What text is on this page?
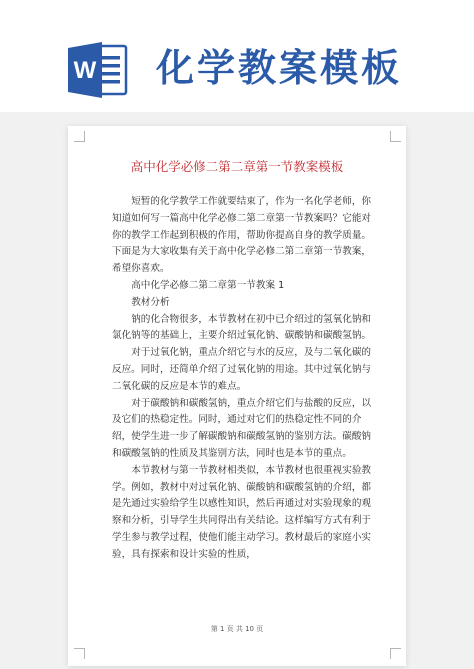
W 化学教案模板
高中化学必修二第二章第一节教案模板

短暂的化学教学工作就要结束了，作为一名化学老师，你知道如何写一篇高中化学必修二第二章第一节教案吗？它能对你的教学工作起到积极的作用，帮助你提高自身的教学质量。下面是为大家收集有关于高中化学必修二第二章第一节教案，希望你喜欢。

高中化学必修二第二章第一节教案 1

教材分析

钠的化合物很多，本节教材在初中已介绍过的氢氧化钠和氯化钠等的基础上，主要介绍过氧化钠、碳酸钠和碳酸氢钠。

对于过氧化钠，重点介绍它与水的反应，及与二氧化碳的反应。同时，还简单介绍了过氧化钠的用途。其中过氧化钠与二氧化碳的反应是本节的难点。

对于碳酸钠和碳酸氢钠，重点介绍它们与盐酸的反应，以及它们的热稳定性。同时，通过对它们的热稳定性不同的介绍，使学生进一步了解碳酸钠和碳酸氢钠的鉴别方法。碳酸钠和碳酸氢钠的性质及其鉴别方法，同时也是本节的重点。

本节教材与第一节教材相类似，本节教材也很重视实验教学。例如，教材中对过氧化钠、碳酸钠和碳酸氢钠的介绍，都是先通过实验给学生以感性知识，然后再通过对实验现象的观察和分析，引导学生共同得出有关结论。这样编写方式有利于学生参与教学过程，使他们能主动学习。教材最后的家庭小实验，具有探索和设计实验的性质，

第 1 页 共 10 页
